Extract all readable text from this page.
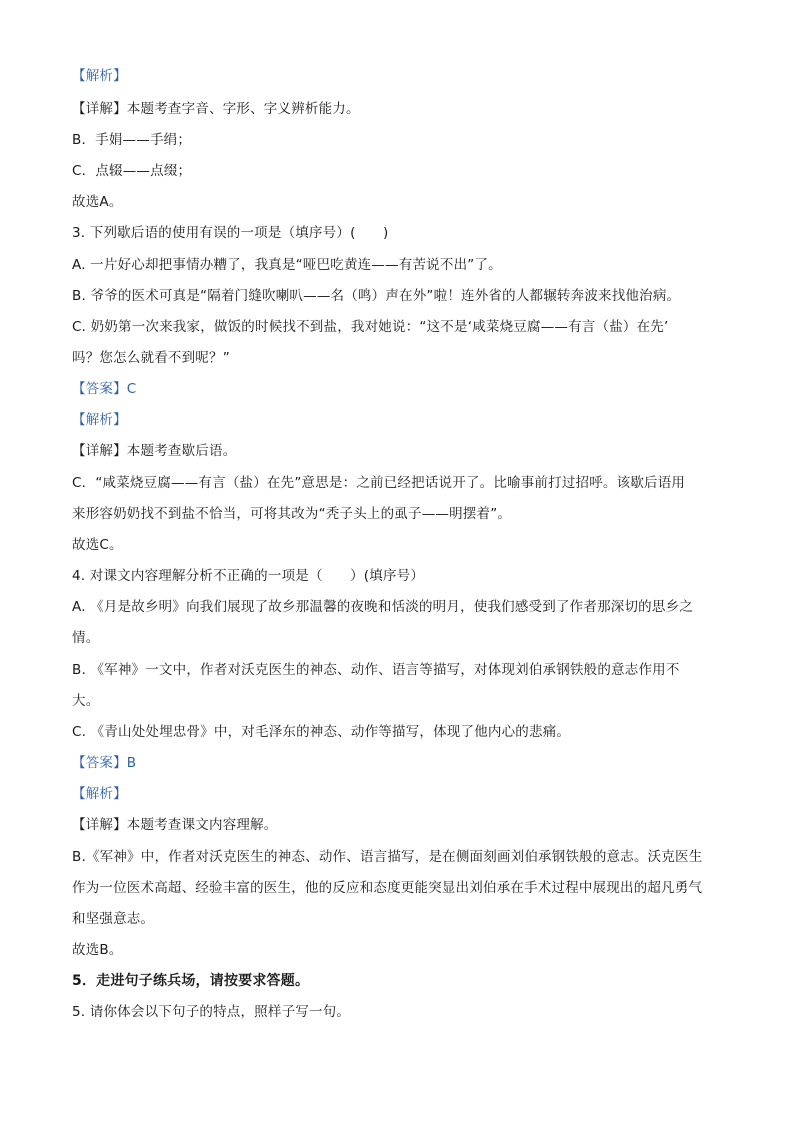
【解析】
【详解】本题考查字音、字形、字义辨析能力。
B．手娟——手绢；
C．点辍——点缀；
故选A。
3. 下列歇后语的使用有误的一项是（填序号）(　　)
A. 一片好心却把事情办糟了，我真是“哑巴吃黄连——有苦说不出”了。
B. 爷爷的医术可真是“隔着门缝吹喇叭——名（鸣）声在外”啦！连外省的人都辗转奔波来找他治病。
C. 奶奶第一次来我家，做饭的时候找不到盐，我对她说：“这不是‘咸菜烧豆腐——有言（盐）在先’
吗？您怎么就看不到呢？”
【答案】C
【解析】
【详解】本题考查歇后语。
C．“咸菜烧豆腐——有言（盐）在先”意思是：之前已经把话说开了。比喻事前打过招呼。该歇后语用
来形容奶奶找不到盐不恰当，可将其改为“秃子头上的虱子——明摆着”。
故选C。
4. 对课文内容理解分析不正确的一项是（　　）(填序号）
A. 《月是故乡明》向我们展现了故乡那温馨的夜晚和恬淡的明月，使我们感受到了作者那深切的思乡之
情。
B. 《军神》一文中，作者对沃克医生的神态、动作、语言等描写，对体现刘伯承钢铁般的意志作用不
大。
C. 《青山处处埋忠骨》中，对毛泽东的神态、动作等描写，体现了他内心的悲痛。
【答案】B
【解析】
【详解】本题考查课文内容理解。
B.《军神》中，作者对沃克医生的神态、动作、语言描写，是在侧面刻画刘伯承钢铁般的意志。沃克医生
作为一位医术高超、经验丰富的医生，他的反应和态度更能突显出刘伯承在手术过程中展现出的超凡勇气
和坚强意志。
故选B。
5．走进句子练兵场，请按要求答题。
5. 请你体会以下句子的特点，照样子写一句。
